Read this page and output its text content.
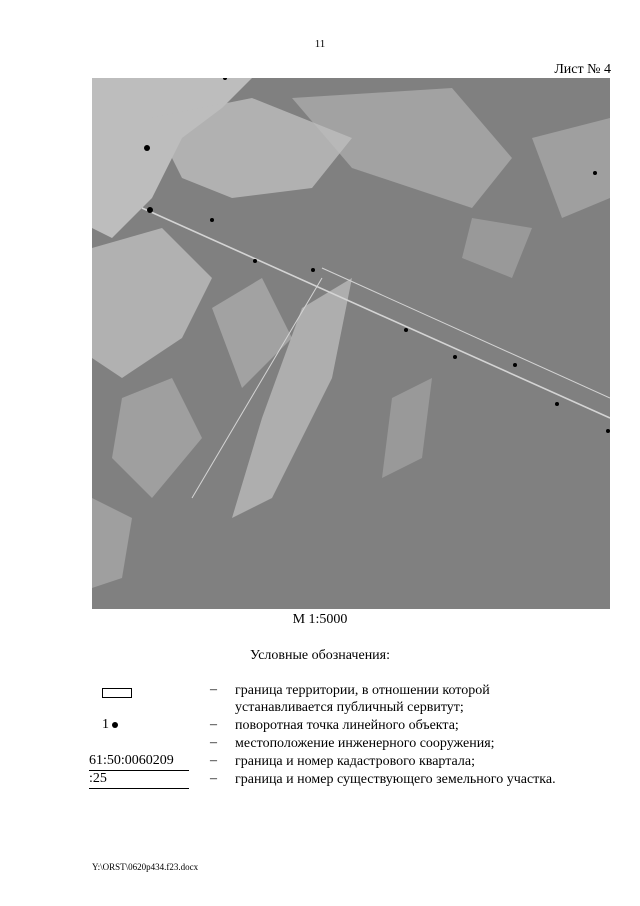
11
Лист № 4
М 1:5000
Условные обозначения:
– граница территории, в отношении которой
устанавливается публичный сервитут;
1	– поворотная точка линейного объекта;
– местоположение инженерного сооружения;
61:50:0060209	– граница и номер кадастрового квартала;
:25	– граница и номер существующего земельного участка.
Y:\ORST\0620p434.f23.docx
